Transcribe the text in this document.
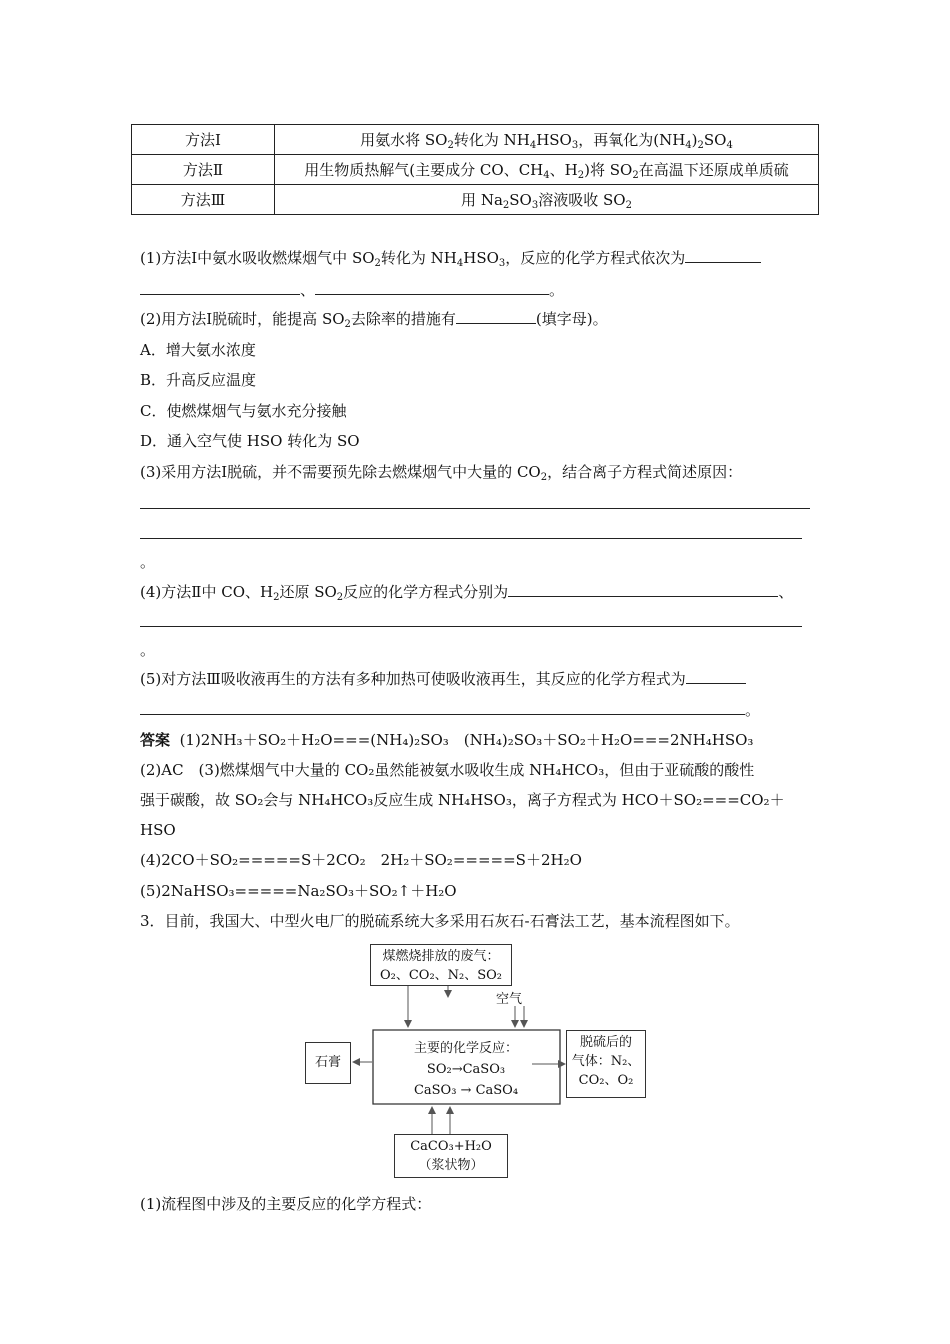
方法Ⅰ	用氨水将 $SO_2$转化为 $NH_4HSO_3$，再氧化为$(NH_4)_2SO_4$
方法Ⅱ	用生物质热解气(主要成分 CO、$CH_4$、$H_2$)将 $SO_2$在高温下还原成单质硫
方法Ⅲ	用 $Na_2SO_3$溶液吸收 $SO_2$
(1)方法Ⅰ中氨水吸收燃煤烟气中 $SO_2$转化为 $NH_4HSO_3$，反应的化学方程式依次为
、	。
(2)用方法Ⅰ脱硫时，能提高 $SO_2$去除率的措施有	(填字母)。
A．增大氨水浓度
B．升高反应温度
C．使燃煤烟气与氨水充分接触
D．通入空气使 HSO 转化为 SO
(3)采用方法Ⅰ脱硫，并不需要预先除去燃煤烟气中大量的 $CO_2$，结合离子方程式简述原因：
。
(4)方法Ⅱ中 CO、$H_2$还原 $SO_2$反应的化学方程式分别为	、
。
(5)对方法Ⅲ吸收液再生的方法有多种加热可使吸收液再生，其反应的化学方程式为
。
答案 (1)2NH₃＋SO₂＋H₂O===(NH₄)₂SO₃　(NH₄)₂SO₃＋SO₂＋H₂O===2NH₄HSO₃
(2)AC　(3)燃煤烟气中大量的 CO₂虽然能被氨水吸收生成 NH₄HCO₃，但由于亚硫酸的酸性
强于碳酸，故 SO₂会与 NH₄HCO₃反应生成 NH₄HSO₃，离子方程式为 HCO＋SO₂===CO₂＋
HSO
(4)2CO＋SO₂=====S＋2CO₂　2H₂＋SO₂=====S＋2H₂O
(5)2NaHSO₃=====Na₂SO₃＋SO₂↑＋H₂O
3．目前，我国大、中型火电厂的脱硫系统大多采用石灰石-石膏法工艺，基本流程图如下。
煤燃烧排放的废气：
O₂、CO₂、N₂、SO₂
空气
主要的化学反应：
SO₂→CaSO₃
CaSO₃ → CaSO₄
石膏
脱硫后的
气体：N₂、
CO₂、O₂
CaCO₃+H₂O
（浆状物）
(1)流程图中涉及的主要反应的化学方程式：
